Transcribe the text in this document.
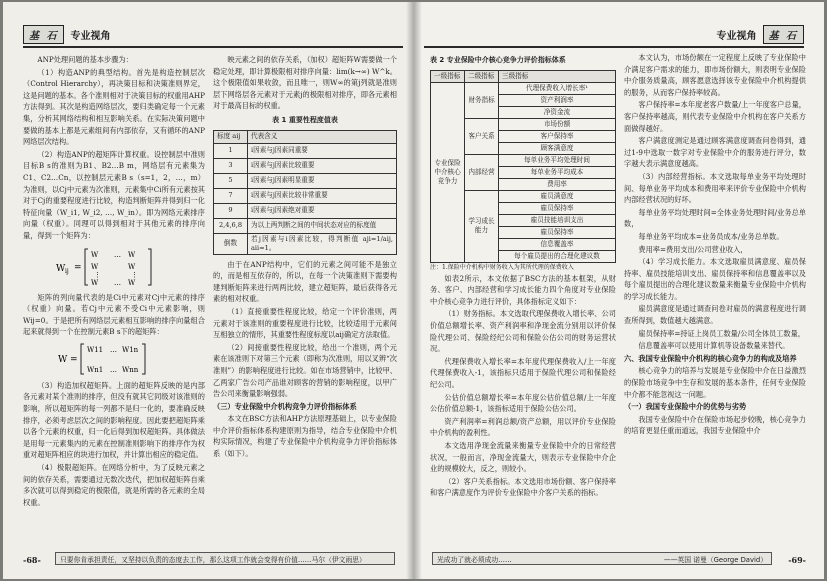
基 石	专业视角

ANP处理问题的基本步骤为：

（1）构造ANP的典型结构。首先是构造控制层次（Control Hierarchy），再决策目标和决策准则界定，这是问题的基本。各个准则相对于决策目标的权重用AHP方法得到。其次是构造网络层次，要归类确定每一个元素集，分析其网络结构和相互影响关系。在实际决策问题中要做的基本上都是元素组间有内部依存，又有循环的ANP网络层次结构。

（2）构造ANP的超矩阵计算权重。设控制层中准则目标B s的准则为B1、B2…B m，网络层有元素集为C1、C2…Cn，以控制层元素B s（s=1，2，…，m）为准则，以Cj中元素为次准则，元素集中Ci所有元素按其对于Cj的重要程度进行比较，构造判断矩阵并得到归一化特征向量（W_i1, W_i2, …, W_in）。即为网络元素排序向量（权重）。同理可以得到相对于其他元素的排序向量，得到一个矩阵为：

W ij =
W
W
⋮
W
…
…
W
W
⋮
W

矩阵的列向量代表的是Ci中元素对Cj中元素的排序（权重）向量。若Cj中元素不受Ci中元素影响，则Wij=0。于是把所有网络层元素相互影响的排序向量组合起来就得到一个在控制元素B s下的超矩阵：

W =
W11
Wn1
…
…
W1n
Wnn

（3）构造加权超矩阵。上面的超矩阵反映的是内部各元素对某个准则的排序，但没有就其它同级对该准则的影响，所以超矩阵的每一列都不是归一化的，要准确反映排序，必须考虑层次之间的影响程度。因此要把超矩阵乘以各个元素的权重，归一化后得到加权超矩阵。具体做法是用每一元素集内的元素在控制准则影响下的排序作为权重对超矩阵相应的块进行加权，并计算出相应的稳定值。

（4）极限超矩阵。在网络分析中，为了反映元素之间的依存关系，需要通过无数次迭代，把加权超矩阵自乘多次就可以得到稳定的极限值，就是所需的各元素的全局权重。

映元素之间的依存关系，（加权）超矩阵W需要做一个稳定处理，即计算极限相对排序向量：lim(k→∞) W^k。这个极限值如果收敛，而且唯一，则W∞的第j列就是准则层下网络层各元素对于元素j的极限相对排序，即各元素相对于最高目标的权重。

表 1 重要性程度值表
标度 aij	代表含义
1	i因素与j因素同重要
3	i因素与j因素比较重要
5	i因素与j因素明显重要
7	i因素与j因素比较非常重要
9	i因素与j因素绝对重要
2,4,6,8	为以上两判断之间的中间状态对应的标度值
倒数	若j因素与i因素比较，得判断值 aji=1/aij, aii=1。

由于在ANP结构中，它们的元素之间可能不是独立的，而是相互依存的，所以，在每一个决策准则下需要构建判断矩阵来进行两两比较，建立超矩阵，最后获得各元素的相对权重。

（1）直接重要性程度比较，给定一个评价准则，两元素对于该准则的重要程度进行比较，比较适用于元素间互相独立的情形，其重要性程度标度以aij确定方法取值。

（2）间接重要性程度比较，给出一个准则，两个元素在该准则下对第三个元素（即称为次准则，用以叉辨“次准则”）的影响程度进行比较。如在市场营销中，比较甲、乙两家广告公司产品谁对顾客的营销的影响程度，以甲广告公司来衡量影响强弱。

（三）专业保险中介机构竞争力评价指标体系

本文在BSC方法和AHP方法原理基础上，以专业保险中介评价指标体系构建原则为指导，结合专业保险中介机构实际情况，构建了专业保险中介机构竞争力评价指标体系（如下）。

-68-	只要你肯承担责任，又坚持以负责的态度去工作，那么这项工作就会变得有价值……马尔（伊文雨思）
专业视角	基 石
表 2 专业保险中介核心竞争力评价指标体系
一级指标	二级指标	三级指标
专业保险中介核心竞争力	财务指标	代理保费收入增长率¹
		资产利润率
		净资金流
	客户关系	市场份额
		客户保持率
		顾客满意度
	内部经营	每单业务平均处理时间
		每单业务平均成本
		费用率
	学习成长能力	雇员满意度
		雇员保持率
		雇员技能培训支出
		雇员保持率
		信息覆盖率
		每个雇员提出的合理化建议数

注：1.保险中介机构中财务收入为其所代理的保费收入

如表2所示，本文依据了BSC方法的基本框架，从财务、客户、内部经营和学习成长能力四个角度对专业保险中介核心竞争力进行评价，具体指标定义如下：

（1）财务指标。本文选取代理保费收入增长率、公司价值总额增长率、资产利润率和净现金流分别用以评价保险代理公司、保险经纪公司和保险公估公司的财务运营状况。

代理保费收入增长率=本年度代理保费收入/上一年度代理保费收入-1，该指标只适用于保险代理公司和保险经纪公司。

公估价值总额增长率=本年度公估价值总额/上一年度公估价值总额-1，该指标适用于保险公估公司。

资产利润率=利润总额/资产总额，用以评价专业保险中介机构的盈利性。

本文选用净现金流量来衡量专业保险中介的日常经营状况，一般而言，净现金流量大，则表示专业保险中介企业的规模较大，反之，则较小。

（2）客户关系指标。本文选用市场份额、客户保持率和客户满意度作为评价专业保险中介客户关系的指标。

本文认为，市场份额在一定程度上反映了专业保险中介满足客户需求的能力，即市场份额大，则表明专业保险中介服务质量高，顾客愿意选择该专业保险中介机构提供的服务，从而客户保持率较高。

客户保持率=本年度老客户数量/上一年度客户总量，客户保持率越高，则代表专业保险中介机构在客户关系方面做得越好。

客户满意度测定是通过顾客满意度调查问卷得到，通过1-9中选取一数字对专业保险中介的服务进行评分，数字越大表示满意度越高。

（3）内部经营指标。本文选取每单业务平均处理时间、每单业务平均成本和费用率来评价专业保险中介机构内部经营状况的好坏。

每单业务平均处理时间=全体业务处理时间/业务总单数，

每单业务平均成本=业务员成本/业务总单数。

费用率=费用支出/公司营业收入，

（4）学习成长能力。本文选取雇员满意度、雇员保持率、雇员技能培训支出、雇员保持率和信息覆盖率以及每个雇员提出的合理化建议数量来衡量专业保险中介机构的学习成长能力。

雇员满意度是通过调查问卷对雇员的满意程度进行调查所得到，数值越大越满意。

雇员保持率=持证上岗员工数量/公司全体员工数量，

信息覆盖率可以使用计算机等设备数量来替代。

六、我国专业保险中介机构的核心竞争力的构成及培养

核心竞争力的培养与发展是专业保险中介在日益激烈的保险市场竞争中生存和发展的基本条件，任何专业保险中介都不能忽视这一问题。

（一）我国专业保险中介的优势与劣势

我国专业保险中介在保险市场起步较晚，核心竞争力的培育更显任重而道远，我国专业保险中介

光成功了就必须成功……	——英国 诺曼（George David）	-69-
